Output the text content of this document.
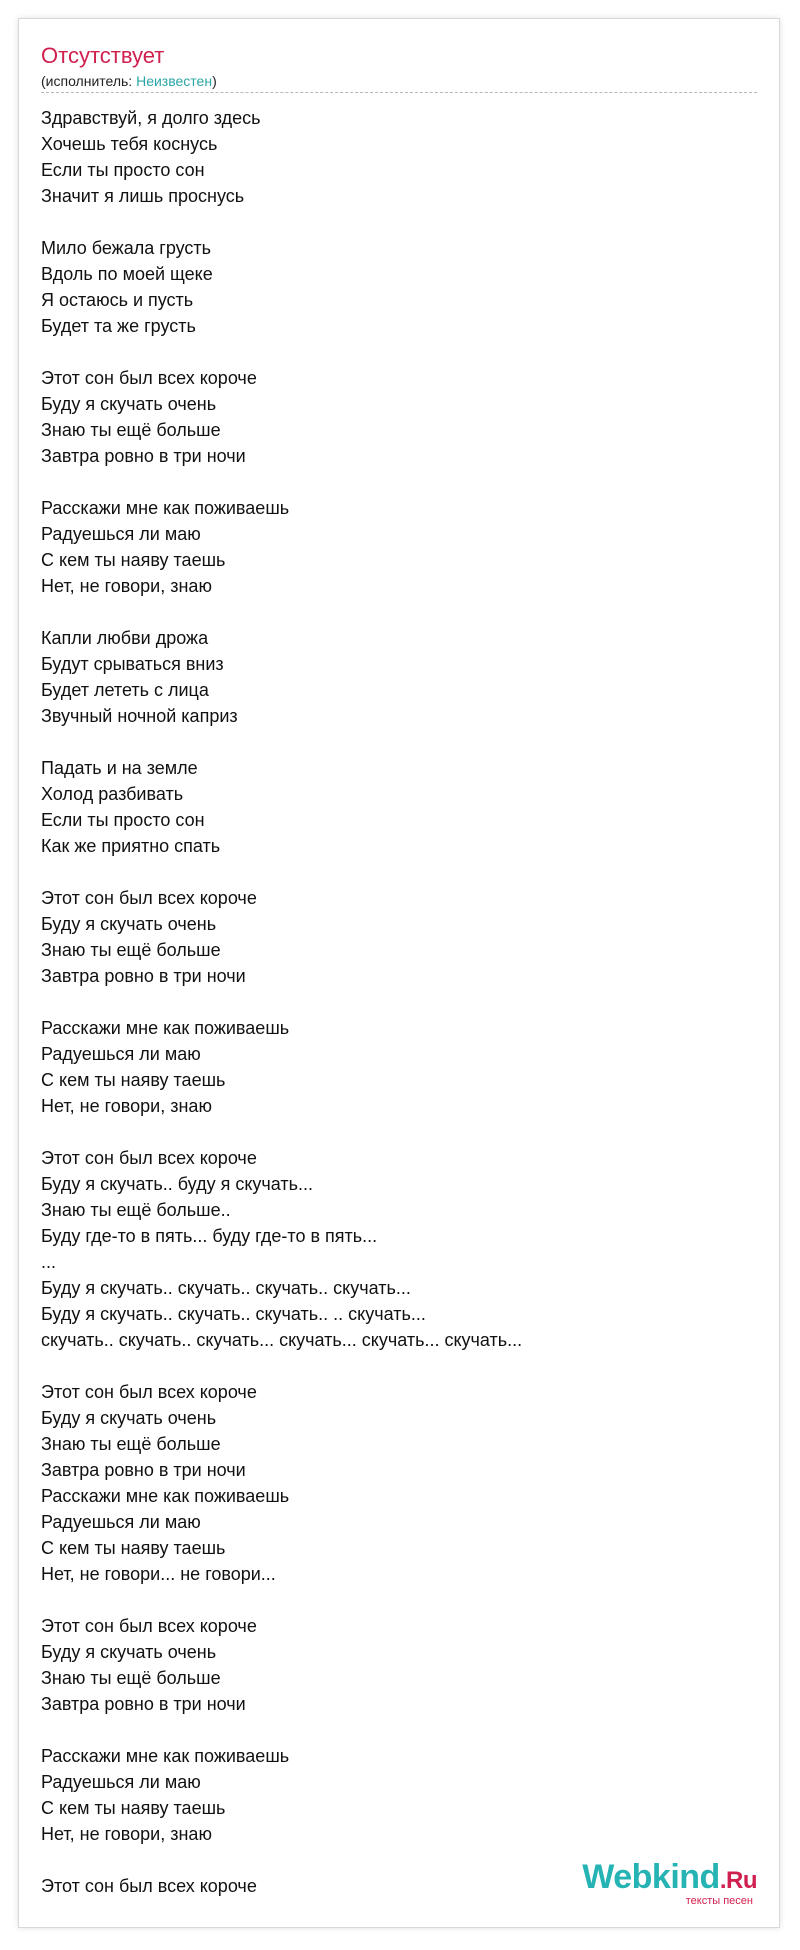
Отсутствует
(исполнитель: Неизвестен)
Здравствуй, я долго здесь
Хочешь тебя коснусь
Если ты просто сон
Значит я лишь проснусь
Мило бежала грусть
Вдоль по моей щеке
Я остаюсь и пусть
Будет та же грусть
Этот сон был всех короче
Буду я скучать очень
Знаю ты ещё больше
Завтра ровно в три ночи
Расскажи мне как поживаешь
Радуешься ли маю
С кем ты наяву таешь
Нет, не говори, знаю
Капли любви дрожа
Будут срываться вниз
Будет лететь с лица
Звучный ночной каприз
Падать и на земле
Холод разбивать
Если ты просто сон
Как же приятно спать
Этот сон был всех короче
Буду я скучать очень
Знаю ты ещё больше
Завтра ровно в три ночи
Расскажи мне как поживаешь
Радуешься ли маю
С кем ты наяву таешь
Нет, не говори, знаю
Этот сон был всех короче
Буду я скучать.. буду я скучать...
Знаю ты ещё больше..
Буду где-то в пять... буду где-то в пять...
...
Буду я скучать.. скучать.. скучать.. скучать...
Буду я скучать.. скучать.. скучать.. .. скучать...
скучать.. скучать.. скучать... скучать... скучать... скучать...
Этот сон был всех короче
Буду я скучать очень
Знаю ты ещё больше
Завтра ровно в три ночи
Расскажи мне как поживаешь
Радуешься ли маю
С кем ты наяву таешь
Нет, не говори... не говори...
Этот сон был всех короче
Буду я скучать очень
Знаю ты ещё больше
Завтра ровно в три ночи
Расскажи мне как поживаешь
Радуешься ли маю
С кем ты наяву таешь
Нет, не говори, знаю
Этот сон был всех короче	Webkind.Ru
тексты песен
